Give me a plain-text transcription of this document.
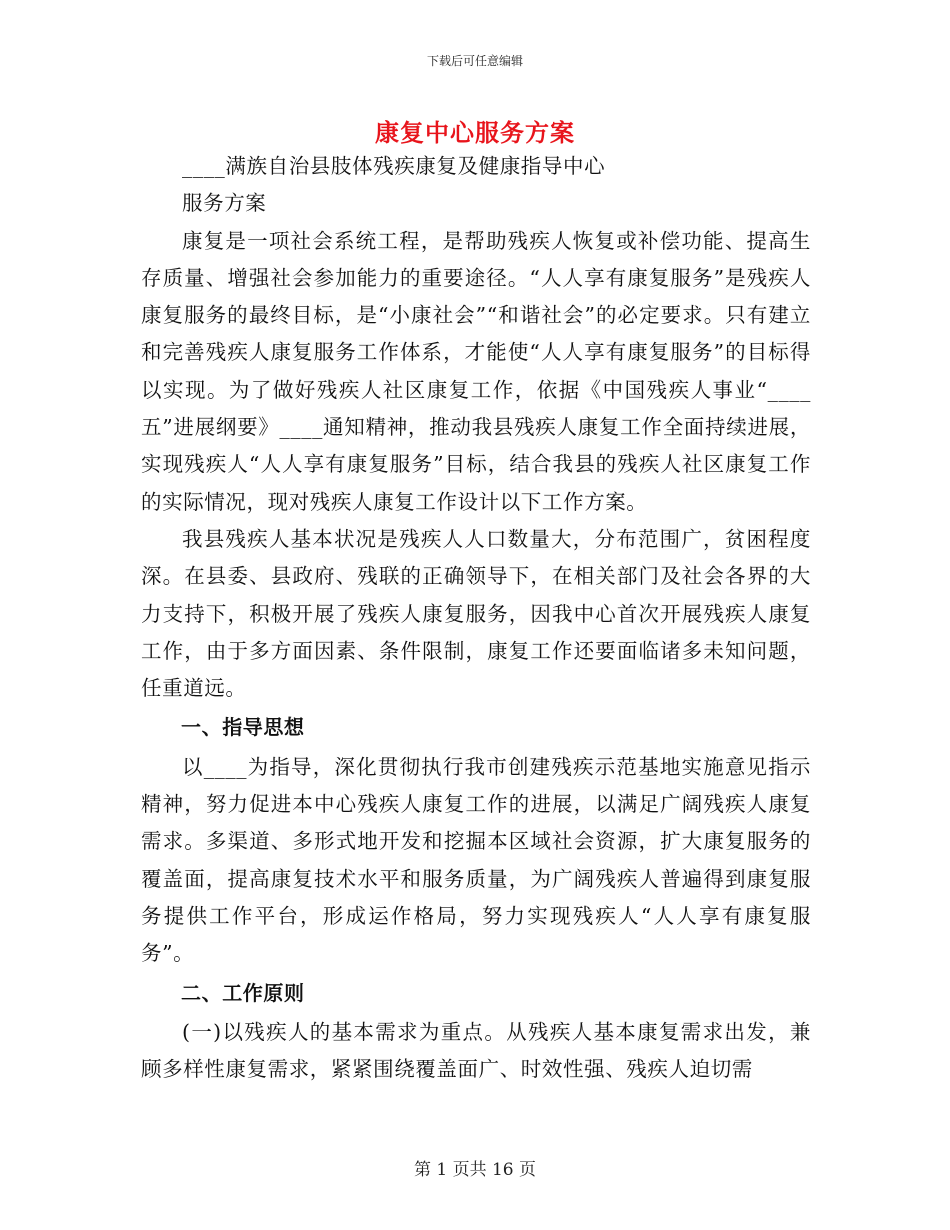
下载后可任意编辑
康复中心服务方案

____满族自治县肢体残疾康复及健康指导中心

服务方案

康复是一项社会系统工程，是帮助残疾人恢复或补偿功能、提高生存质量、增强社会参加能力的重要途径。“人人享有康复服务”是残疾人康复服务的最终目标，是“小康社会”“和谐社会”的必定要求。只有建立和完善残疾人康复服务工作体系，才能使“人人享有康复服务”的目标得以实现。为了做好残疾人社区康复工作，依据《中国残疾人事业“____五”进展纲要》____通知精神，推动我县残疾人康复工作全面持续进展，实现残疾人“人人享有康复服务”目标，结合我县的残疾人社区康复工作的实际情况，现对残疾人康复工作设计以下工作方案。

我县残疾人基本状况是残疾人人口数量大，分布范围广，贫困程度深。在县委、县政府、残联的正确领导下，在相关部门及社会各界的大力支持下，积极开展了残疾人康复服务，因我中心首次开展残疾人康复工作，由于多方面因素、条件限制，康复工作还要面临诸多未知问题，任重道远。

一、指导思想

以____为指导，深化贯彻执行我市创建残疾示范基地实施意见指示精神，努力促进本中心残疾人康复工作的进展，以满足广阔残疾人康复需求。多渠道、多形式地开发和挖掘本区域社会资源，扩大康复服务的覆盖面，提高康复技术水平和服务质量，为广阔残疾人普遍得到康复服务提供工作平台，形成运作格局，努力实现残疾人“人人享有康复服务”。

二、工作原则

(一)以残疾人的基本需求为重点。从残疾人基本康复需求出发，兼顾多样性康复需求，紧紧围绕覆盖面广、时效性强、残疾人迫切需

第 1 页共 16 页
